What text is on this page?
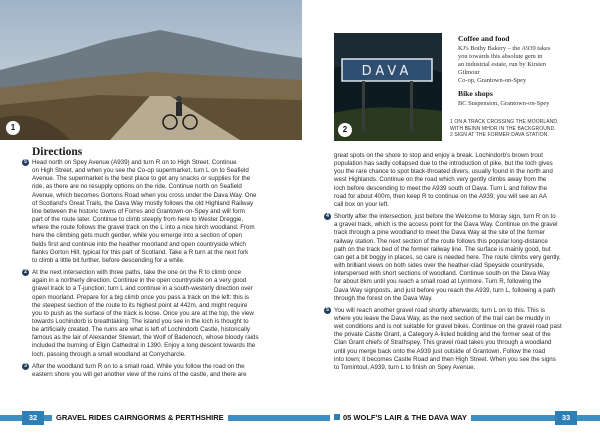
1
DAVA
2
1 ON A TRACK CROSSING THE MOORLAND,
WITH BEINN MHOR IN THE BACKGROUND.
2 SIGN AT THE FORMER DAVA STATION.
Coffee and food
KJ's Bothy Bakery – the A939 takes
you towards this absolute gem in
an industrial estate, run by Kirsten
Gilmour
Co-op, Grantown-on-Spey
Bike shops
BC Suspension, Grantown-on-Spey
Directions
5 Head north on Spey Avenue (A939) and turn R on to High Street. Continue
on High Street, and when you see the Co-op supermarket, turn L on to Seafield
Avenue. The supermarket is the best place to get any snacks or supplies for the
ride, as there are no resupply options on the ride. Continue north on Seafield
Avenue, which becomes Gortons Road when you cross under the Dava Way. One
of Scotland's Great Trails, the Dava Way mostly follows the old Highland Railway
line between the historic towns of Forres and Grantown-on-Spey and will form
part of the route later. Continue to climb steeply from here to Wester Dreggie,
where the route follows the gravel track on the L into a nice birch woodland. From
here the climbing gets much gentler, while you emerge into a section of open
fields first and continue into the heather moorland and open countryside which
flanks Gorton Hill, typical for this part of Scotland. Take a R turn at the next fork
to climb a little bit further, before descending for a while.
2 At the next intersection with three paths, take the one on the R to climb once
again in a northerly direction. Continue in the open countryside on a very good
gravel track to a T-junction; turn L and continue in a south-westerly direction over
open moorland. Prepare for a big climb once you pass a track on the left: this is
the steepest section of the route to its highest point at 442m, and might require
you to push as the surface of the track is loose. Once you are at the top, the view
towards Lochindorb is breathtaking. The island you see in the loch is thought to
be artificially created. The ruins are what is left of Lochindorb Castle, historically
famous as the lair of Alexander Stewart, the Wolf of Badenoch, whose bloody raids
included the burning of Elgin Cathedral in 1390. Enjoy a long descent towards the
loch, passing through a small woodland at Corrycharcle.
3 After the woodland turn R on to a small road. While you follow the road on the
eastern shore you will get another view of the ruins of the castle, and there are
great spots on the shore to stop and enjoy a break. Lochindorb's brown trout
population has sadly collapsed due to the introduction of pike, but the loch gives
you the rare chance to spot black-throated divers, usually found in the north and
west Highlands. Continue on the road which very gently climbs away from the
loch before descending to meet the A939 south of Dava. Turn L and follow the
road for about 400m, then keep R to continue on the A939; you will see an AA
call box on your left.
4 Shortly after the intersection, just before the Welcome to Moray sign, turn R on to
a gravel track, which is the access point for the Dava Way. Continue on the gravel
track through a pine woodland to meet the Dava Way at the site of the former
railway station. The next section of the route follows this popular long-distance
path on the track bed of the former railway line. The surface is mainly good, but
can get a bit boggy in places, so care is needed here. The route climbs very gently,
with brilliant views on both sides over the heather-clad Speyside countryside,
interspersed with short sections of woodland. Continue south on the Dava Way
for about 8km until you reach a small road at Lynmore. Turn R, following the
Dava Way signposts, and just before you reach the A939, turn L, following a path
through the forest on the Dava Way.
5 You will reach another gravel road shortly afterwards; turn L on to this. This is
where you leave the Dava Way, as the next section of the trail can be muddy in
wet conditions and is not suitable for gravel bikes. Continue on the gravel road past
the private Castle Grant, a Category A-listed building and the former seat of the
Clan Grant chiefs of Strathspey. This gravel road takes you through a woodland
until you merge back onto the A939 just outside of Grantown. Follow the road
into town; it becomes Castle Road and then High Street. When you see the signs
to Tomintoul, A939, turn L to finish on Spey Avenue.
32	GRAVEL RIDES CAIRNGORMS & PERTHSHIRE	05 WOLF'S LAIR & THE DAVA WAY	33
